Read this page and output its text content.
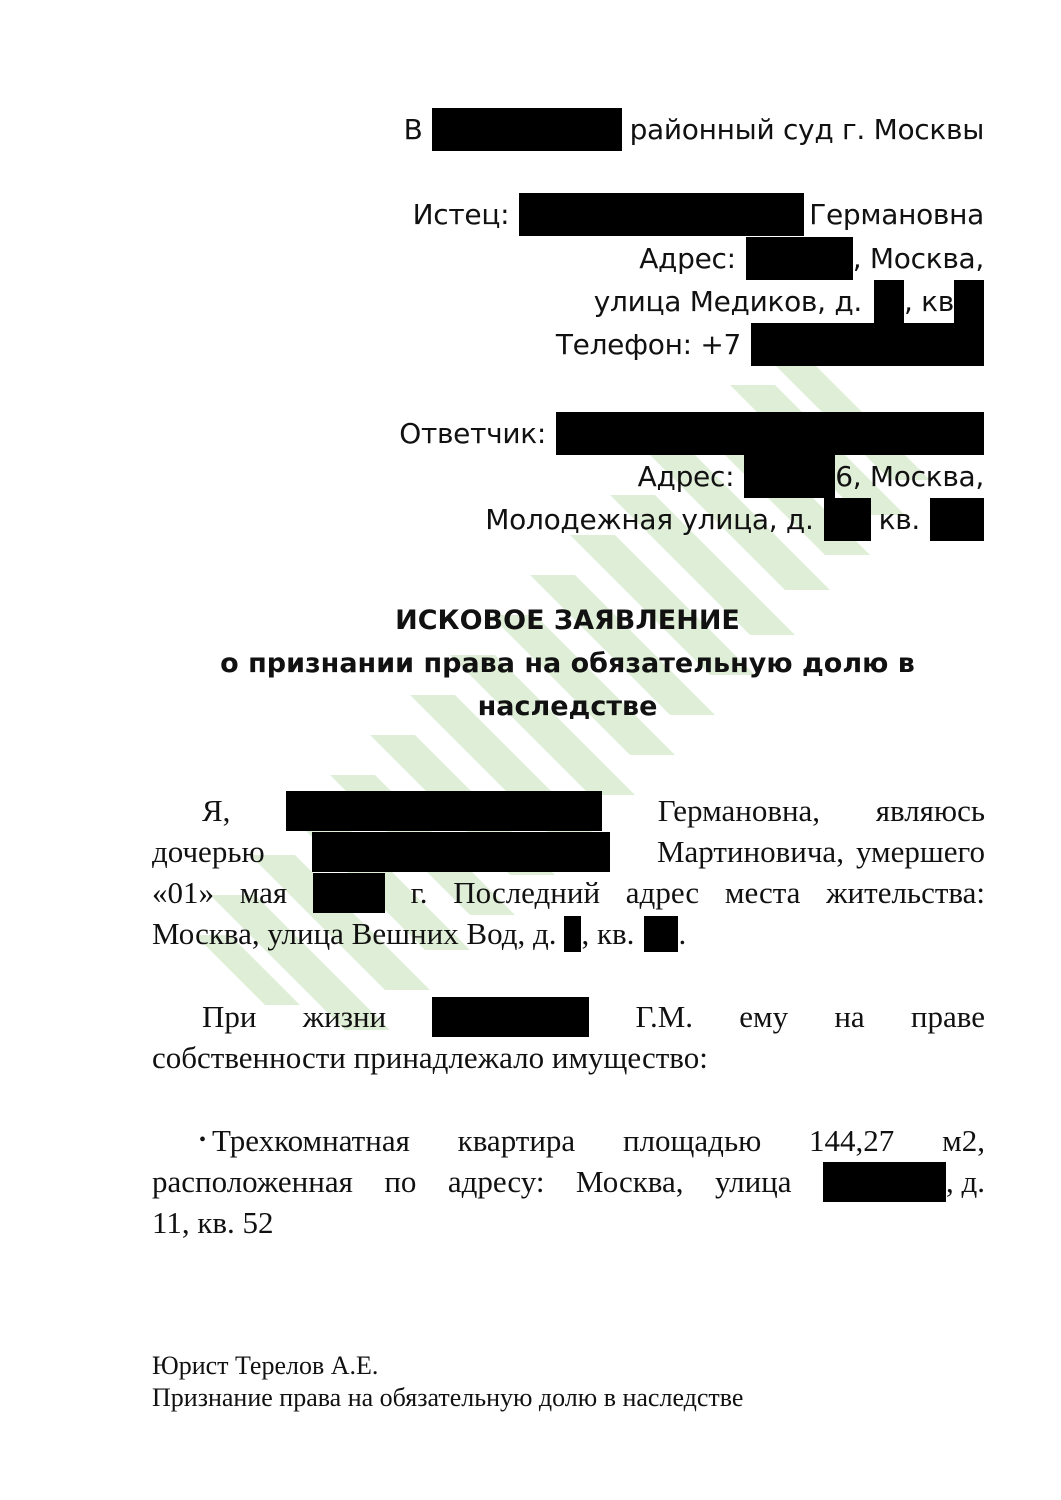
В	районный суд г. Москвы
Истец:	Германовна
Адрес:	, Москва,
улица Медиков, д. , кв
Телефон: +7
Ответчик:
Адрес:	6, Москва,
Молодежная улица, д. кв.
ИСКОВОЕ ЗАЯВЛЕНИЕ
о признании права на обязательную долю в
наследстве
Я,	Германовна, являюсь
дочерью	Мартиновича, умершего
«01» мая	г. Последний адрес места жительства:
Москва, улица Вешних Вод, д. , кв. .
При жизни	Г.М. ему на праве
собственности принадлежало имущество:
• Трехкомнатная квартира площадью 144,27 м2,
расположенная по адресу: Москва, улица	, д.
11, кв. 52
Юрист Терелов А.Е.
Признание права на обязательную долю в наследстве
